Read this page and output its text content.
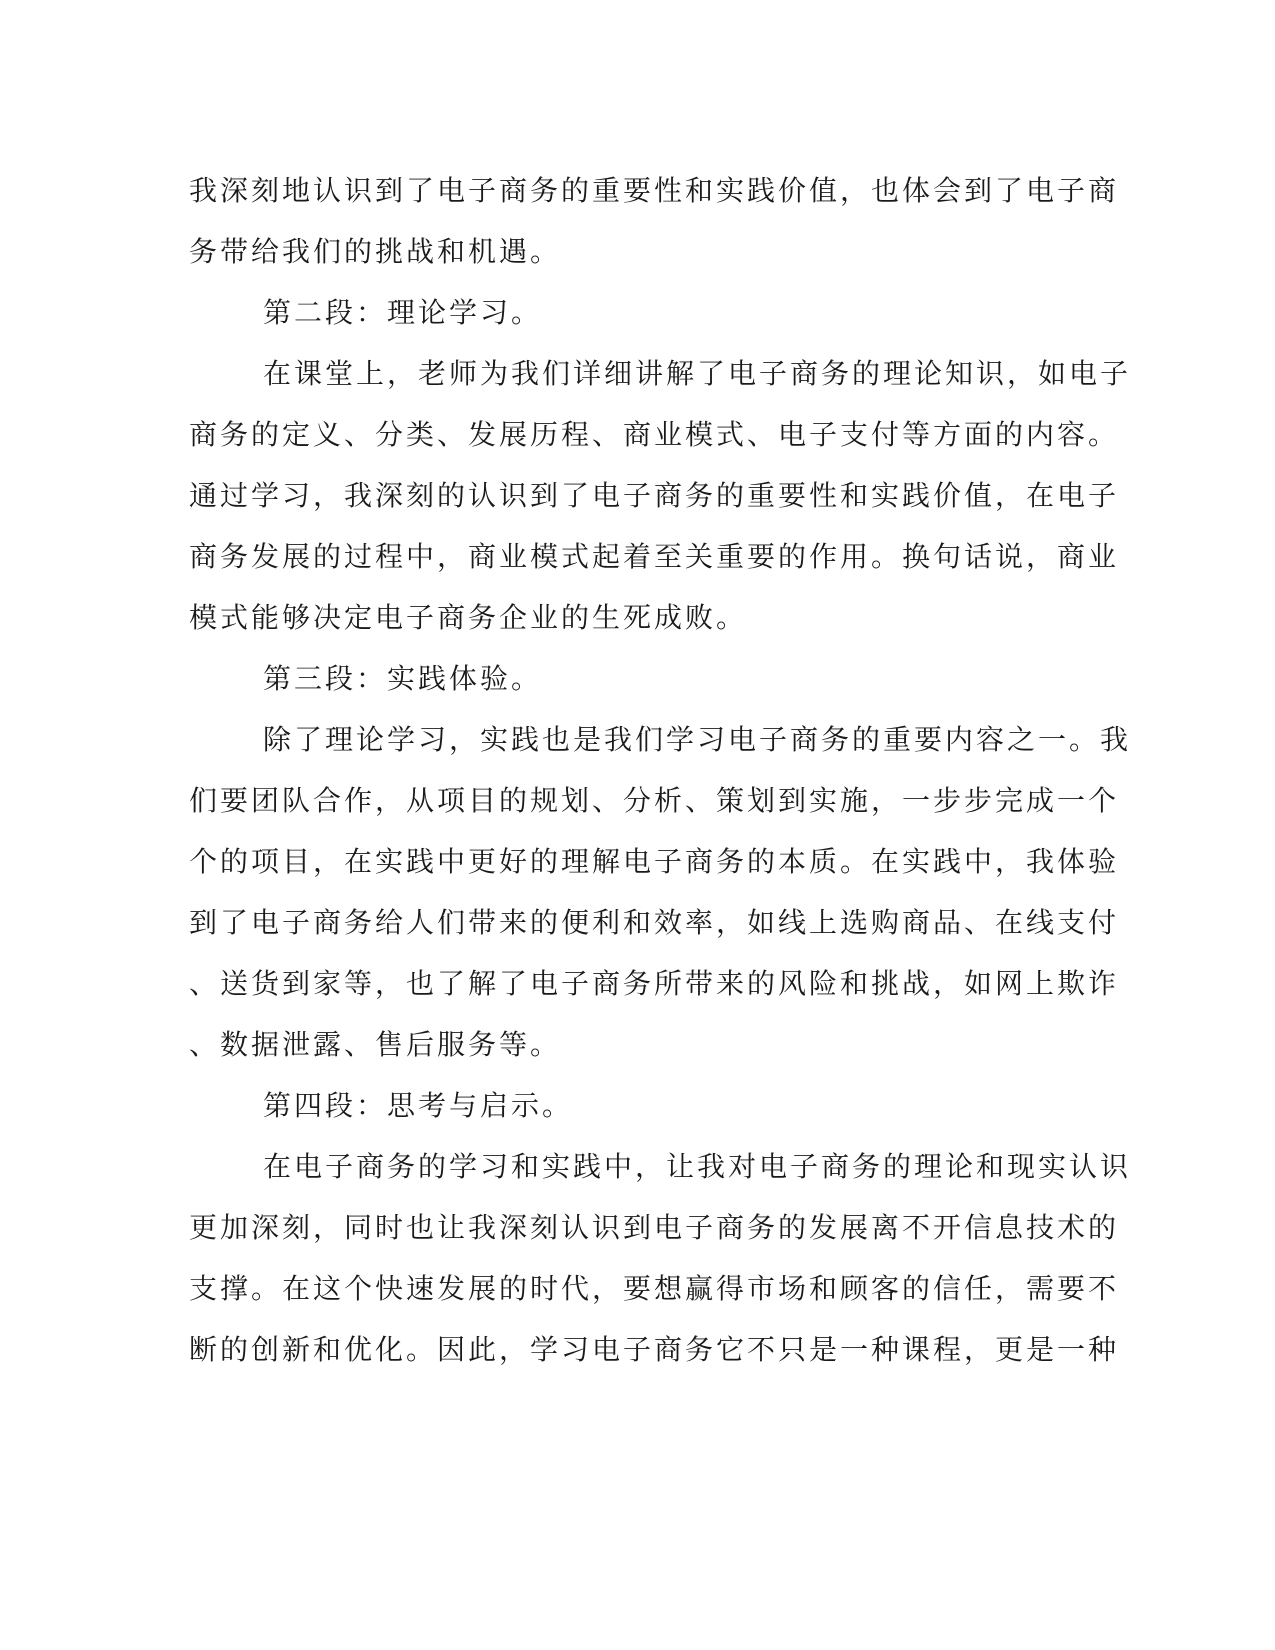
我深刻地认识到了电子商务的重要性和实践价值，也体会到了电子商
务带给我们的挑战和机遇。
第二段：理论学习。
在课堂上，老师为我们详细讲解了电子商务的理论知识，如电子
商务的定义、分类、发展历程、商业模式、电子支付等方面的内容。
通过学习，我深刻的认识到了电子商务的重要性和实践价值，在电子
商务发展的过程中，商业模式起着至关重要的作用。换句话说，商业
模式能够决定电子商务企业的生死成败。
第三段：实践体验。
除了理论学习，实践也是我们学习电子商务的重要内容之一。我
们要团队合作，从项目的规划、分析、策划到实施，一步步完成一个
个的项目，在实践中更好的理解电子商务的本质。在实践中，我体验
到了电子商务给人们带来的便利和效率，如线上选购商品、在线支付
、送货到家等，也了解了电子商务所带来的风险和挑战，如网上欺诈
、数据泄露、售后服务等。
第四段：思考与启示。
在电子商务的学习和实践中，让我对电子商务的理论和现实认识
更加深刻，同时也让我深刻认识到电子商务的发展离不开信息技术的
支撑。在这个快速发展的时代，要想赢得市场和顾客的信任，需要不
断的创新和优化。因此，学习电子商务它不只是一种课程，更是一种
